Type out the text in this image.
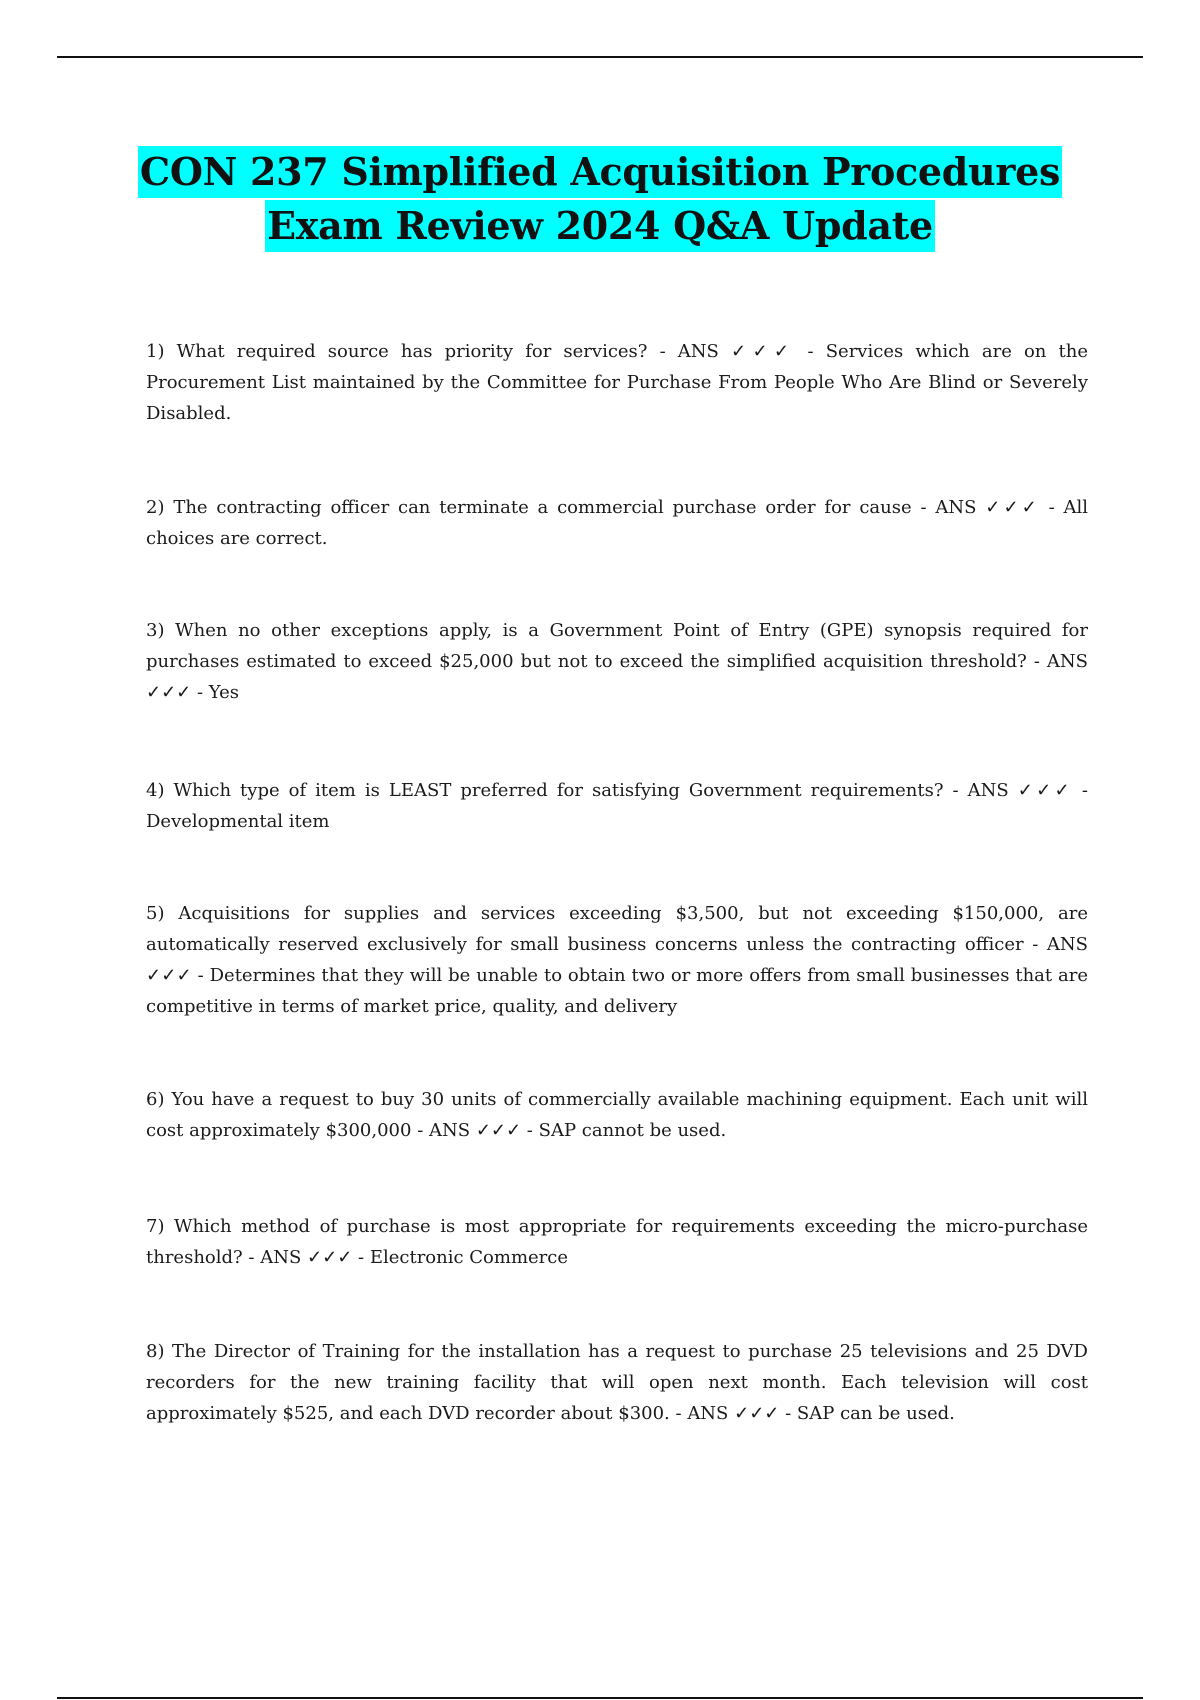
CON 237 Simplified Acquisition Procedures
Exam Review 2024 Q&A Update
1) What required source has priority for services? - ANS ✓✓✓ - Services which are on the Procurement List maintained by the Committee for Purchase From People Who Are Blind or Severely Disabled.
2) The contracting officer can terminate a commercial purchase order for cause - ANS ✓✓✓ - All choices are correct.
3) When no other exceptions apply, is a Government Point of Entry (GPE) synopsis required for purchases estimated to exceed $25,000 but not to exceed the simplified acquisition threshold? - ANS ✓✓✓ - Yes
4) Which type of item is LEAST preferred for satisfying Government requirements? - ANS ✓✓✓ - Developmental item
5) Acquisitions for supplies and services exceeding $3,500, but not exceeding $150,000, are automatically reserved exclusively for small business concerns unless the contracting officer - ANS ✓✓✓ - Determines that they will be unable to obtain two or more offers from small businesses that are competitive in terms of market price, quality, and delivery
6) You have a request to buy 30 units of commercially available machining equipment. Each unit will cost approximately $300,000 - ANS ✓✓✓ - SAP cannot be used.
7) Which method of purchase is most appropriate for requirements exceeding the micro-purchase threshold? - ANS ✓✓✓ - Electronic Commerce
8) The Director of Training for the installation has a request to purchase 25 televisions and 25 DVD recorders for the new training facility that will open next month. Each television will cost approximately $525, and each DVD recorder about $300. - ANS ✓✓✓ - SAP can be used.
